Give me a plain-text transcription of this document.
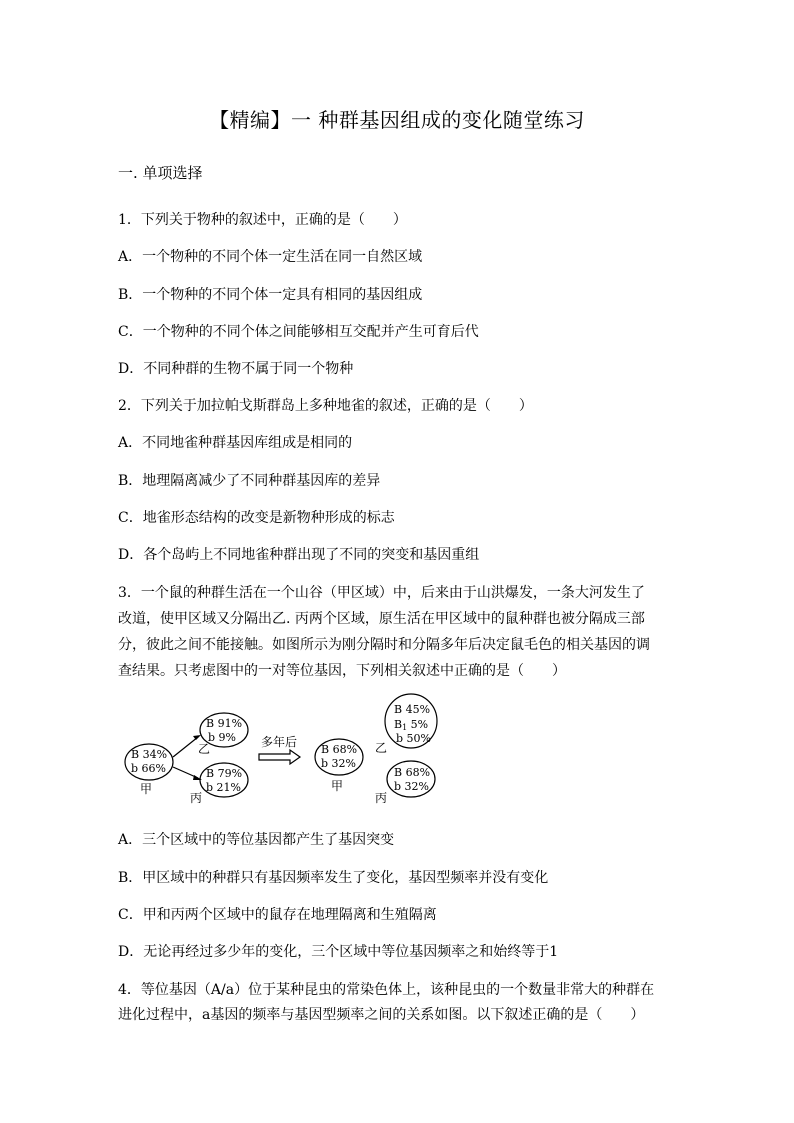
【精编】一 种群基因组成的变化随堂练习
一. 单项选择
1．下列关于物种的叙述中，正确的是（　　）
A．一个物种的不同个体一定生活在同一自然区域
B．一个物种的不同个体一定具有相同的基因组成
C．一个物种的不同个体之间能够相互交配并产生可育后代
D．不同种群的生物不属于同一个物种
2．下列关于加拉帕戈斯群岛上多种地雀的叙述，正确的是（　　）
A．不同地雀种群基因库组成是相同的
B．地理隔离减少了不同种群基因库的差异
C．地雀形态结构的改变是新物种形成的标志
D．各个岛屿上不同地雀种群出现了不同的突变和基因重组
3．一个鼠的种群生活在一个山谷（甲区域）中，后来由于山洪爆发，一条大河发生了
改道，使甲区域又分隔出乙. 丙两个区域，原生活在甲区域中的鼠种群也被分隔成三部
分，彼此之间不能接触。如图所示为刚分隔时和分隔多年后决定鼠毛色的相关基因的调
查结果。只考虑图中的一对等位基因，下列相关叙述中正确的是（　　）
B 34%
b 66%
甲
B 91%
b 9%
乙
B 79%
b 21%
丙
多年后
B 68%
b 32%
甲
B 45%
B1 5%
b 50%
乙
B 68%
b 32%
丙
A．三个区域中的等位基因都产生了基因突变
B．甲区域中的种群只有基因频率发生了变化，基因型频率并没有变化
C．甲和丙两个区域中的鼠存在地理隔离和生殖隔离
D．无论再经过多少年的变化，三个区域中等位基因频率之和始终等于1
4．等位基因（A/a）位于某种昆虫的常染色体上，该种昆虫的一个数量非常大的种群在
进化过程中，a基因的频率与基因型频率之间的关系如图。以下叙述正确的是（　　）
